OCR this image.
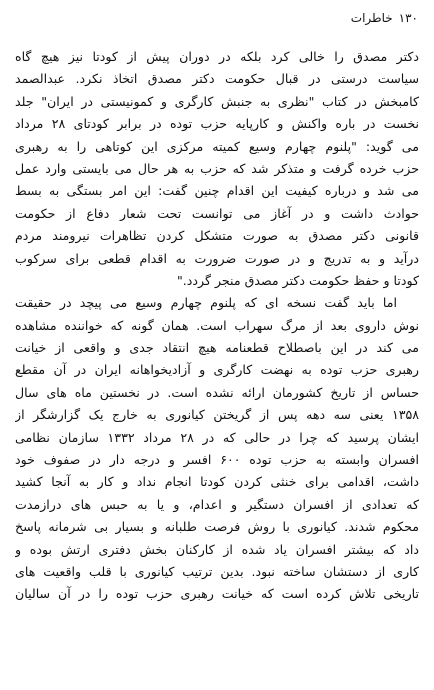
۱۳۰خاطرات
دکتر مصدق را خالی کرد بلکه در دوران پیش از کودتا نیز هیچ گاه
سیاست درستی در قبال حکومت دکتر مصدق اتخاذ نکرد. عبدالصمد
کامبخش در کتاب "نظری به جنبش کارگری و کمونیستی در ایران" جلد
نخست در باره واکنش و کارپایه حزب توده در برابر کودتای ۲۸ مرداد
می گوید: "پلنوم چهارم وسیع کمیته مرکزی این کوتاهی را به رهبری
حزب خرده گرفت و متذکر شد که حزب به هر حال می بایستی وارد عمل
می شد و درباره کیفیت این اقدام چنین گفت: این امر بستگی به بسط
حوادث داشت و در آغاز می توانست تحت شعار دفاع از حکومت
قانونی دکتر مصدق به صورت متشکل کردن تظاهرات نیرومند مردم
درآید و به تدریج و در صورت ضرورت به اقدام قطعی برای سرکوب
کودتا و حفظ حکومت دکتر مصدق منجر گردد."
اما باید گفت نسخه ای که پلنوم چهارم وسیع می پیچد در حقیقت
نوش داروی بعد از مرگ سهراب است. همان گونه که خواننده مشاهده
می کند در این باصطلاح قطعنامه هیچ انتقاد جدی و واقعی از خیانت
رهبری حزب توده به نهضت کارگری و آزادیخواهانه ایران در آن مقطع
حساس از تاریخ کشورمان ارائه نشده است. در نخستین ماه های سال
۱۳۵۸ یعنی سه دهه پس از گریختن کیانوری به خارج یک گزارشگر از
ایشان پرسید که چرا در حالی که در ۲۸ مرداد ۱۳۳۲ سازمان نظامی
افسران وابسته به حزب توده ۶۰۰ افسر و درجه دار در صفوف خود
داشت، اقدامی برای خنثی کردن کودتا انجام نداد و کار به آنجا کشید
که تعدادی از افسران دستگیر و اعدام، و یا به حبس های درازمدت
محکوم شدند. کیانوری با روش فرصت طلبانه و بسیار بی شرمانه پاسخ
داد که بیشتر افسران یاد شده از کارکنان بخش دفتری ارتش بوده و
کاری از دستشان ساخته نبود. بدین ترتیب کیانوری با قلب واقعیت های
تاریخی تلاش کرده است که خیانت رهبری حزب توده را در آن سالیان
